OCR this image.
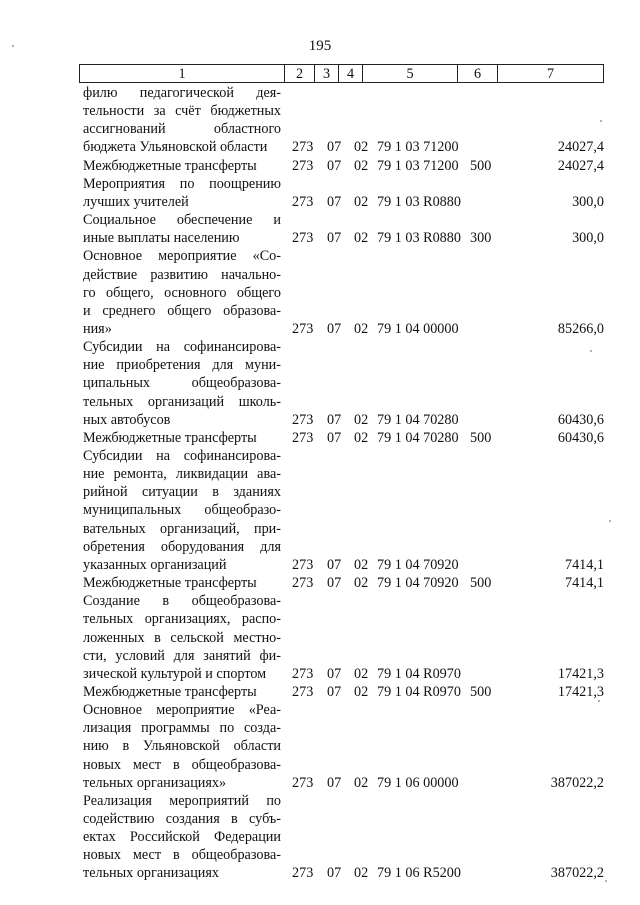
195
1	2	3	4	5	6	7
филю педагогической дея-
тельности за счёт бюджетных
ассигнований областного
бюджета Ульяновской области	273 07 02 79 1 03 71200	24027,4
Межбюджетные трансферты	273 07 02 79 1 03 71200 500	24027,4
Мероприятия по поощрению
лучших учителей	273 07 02 79 1 03 R0880	300,0
Социальное обеспечение и
иные выплаты населению	273 07 02 79 1 03 R0880 300	300,0
Основное мероприятие «Со-
действие развитию начально-
го общего, основного общего
и среднего общего образова-
ния»	273 07 02 79 1 04 00000	85266,0
Субсидии на софинансирова-
ние приобретения для муни-
ципальных общеобразова-
тельных организаций школь-
ных автобусов	273 07 02 79 1 04 70280	60430,6
Межбюджетные трансферты	273 07 02 79 1 04 70280 500	60430,6
Субсидии на софинансирова-
ние ремонта, ликвидации ава-
рийной ситуации в зданиях
муниципальных общеобразо-
вательных организаций, при-
обретения оборудования для
указанных организаций	273 07 02 79 1 04 70920	7414,1
Межбюджетные трансферты	273 07 02 79 1 04 70920 500	7414,1
Создание в общеобразова-
тельных организациях, распо-
ложенных в сельской местно-
сти, условий для занятий фи-
зической культурой и спортом	273 07 02 79 1 04 R0970	17421,3
Межбюджетные трансферты	273 07 02 79 1 04 R0970 500	17421,3
Основное мероприятие «Реа-
лизация программы по созда-
нию в Ульяновской области
новых мест в общеобразова-
тельных организациях»	273 07 02 79 1 06 00000	387022,2
Реализация мероприятий по
содействию создания в субъ-
ектах Российской Федерации
новых мест в общеобразова-
тельных организациях	273 07 02 79 1 06 R5200	387022,2
